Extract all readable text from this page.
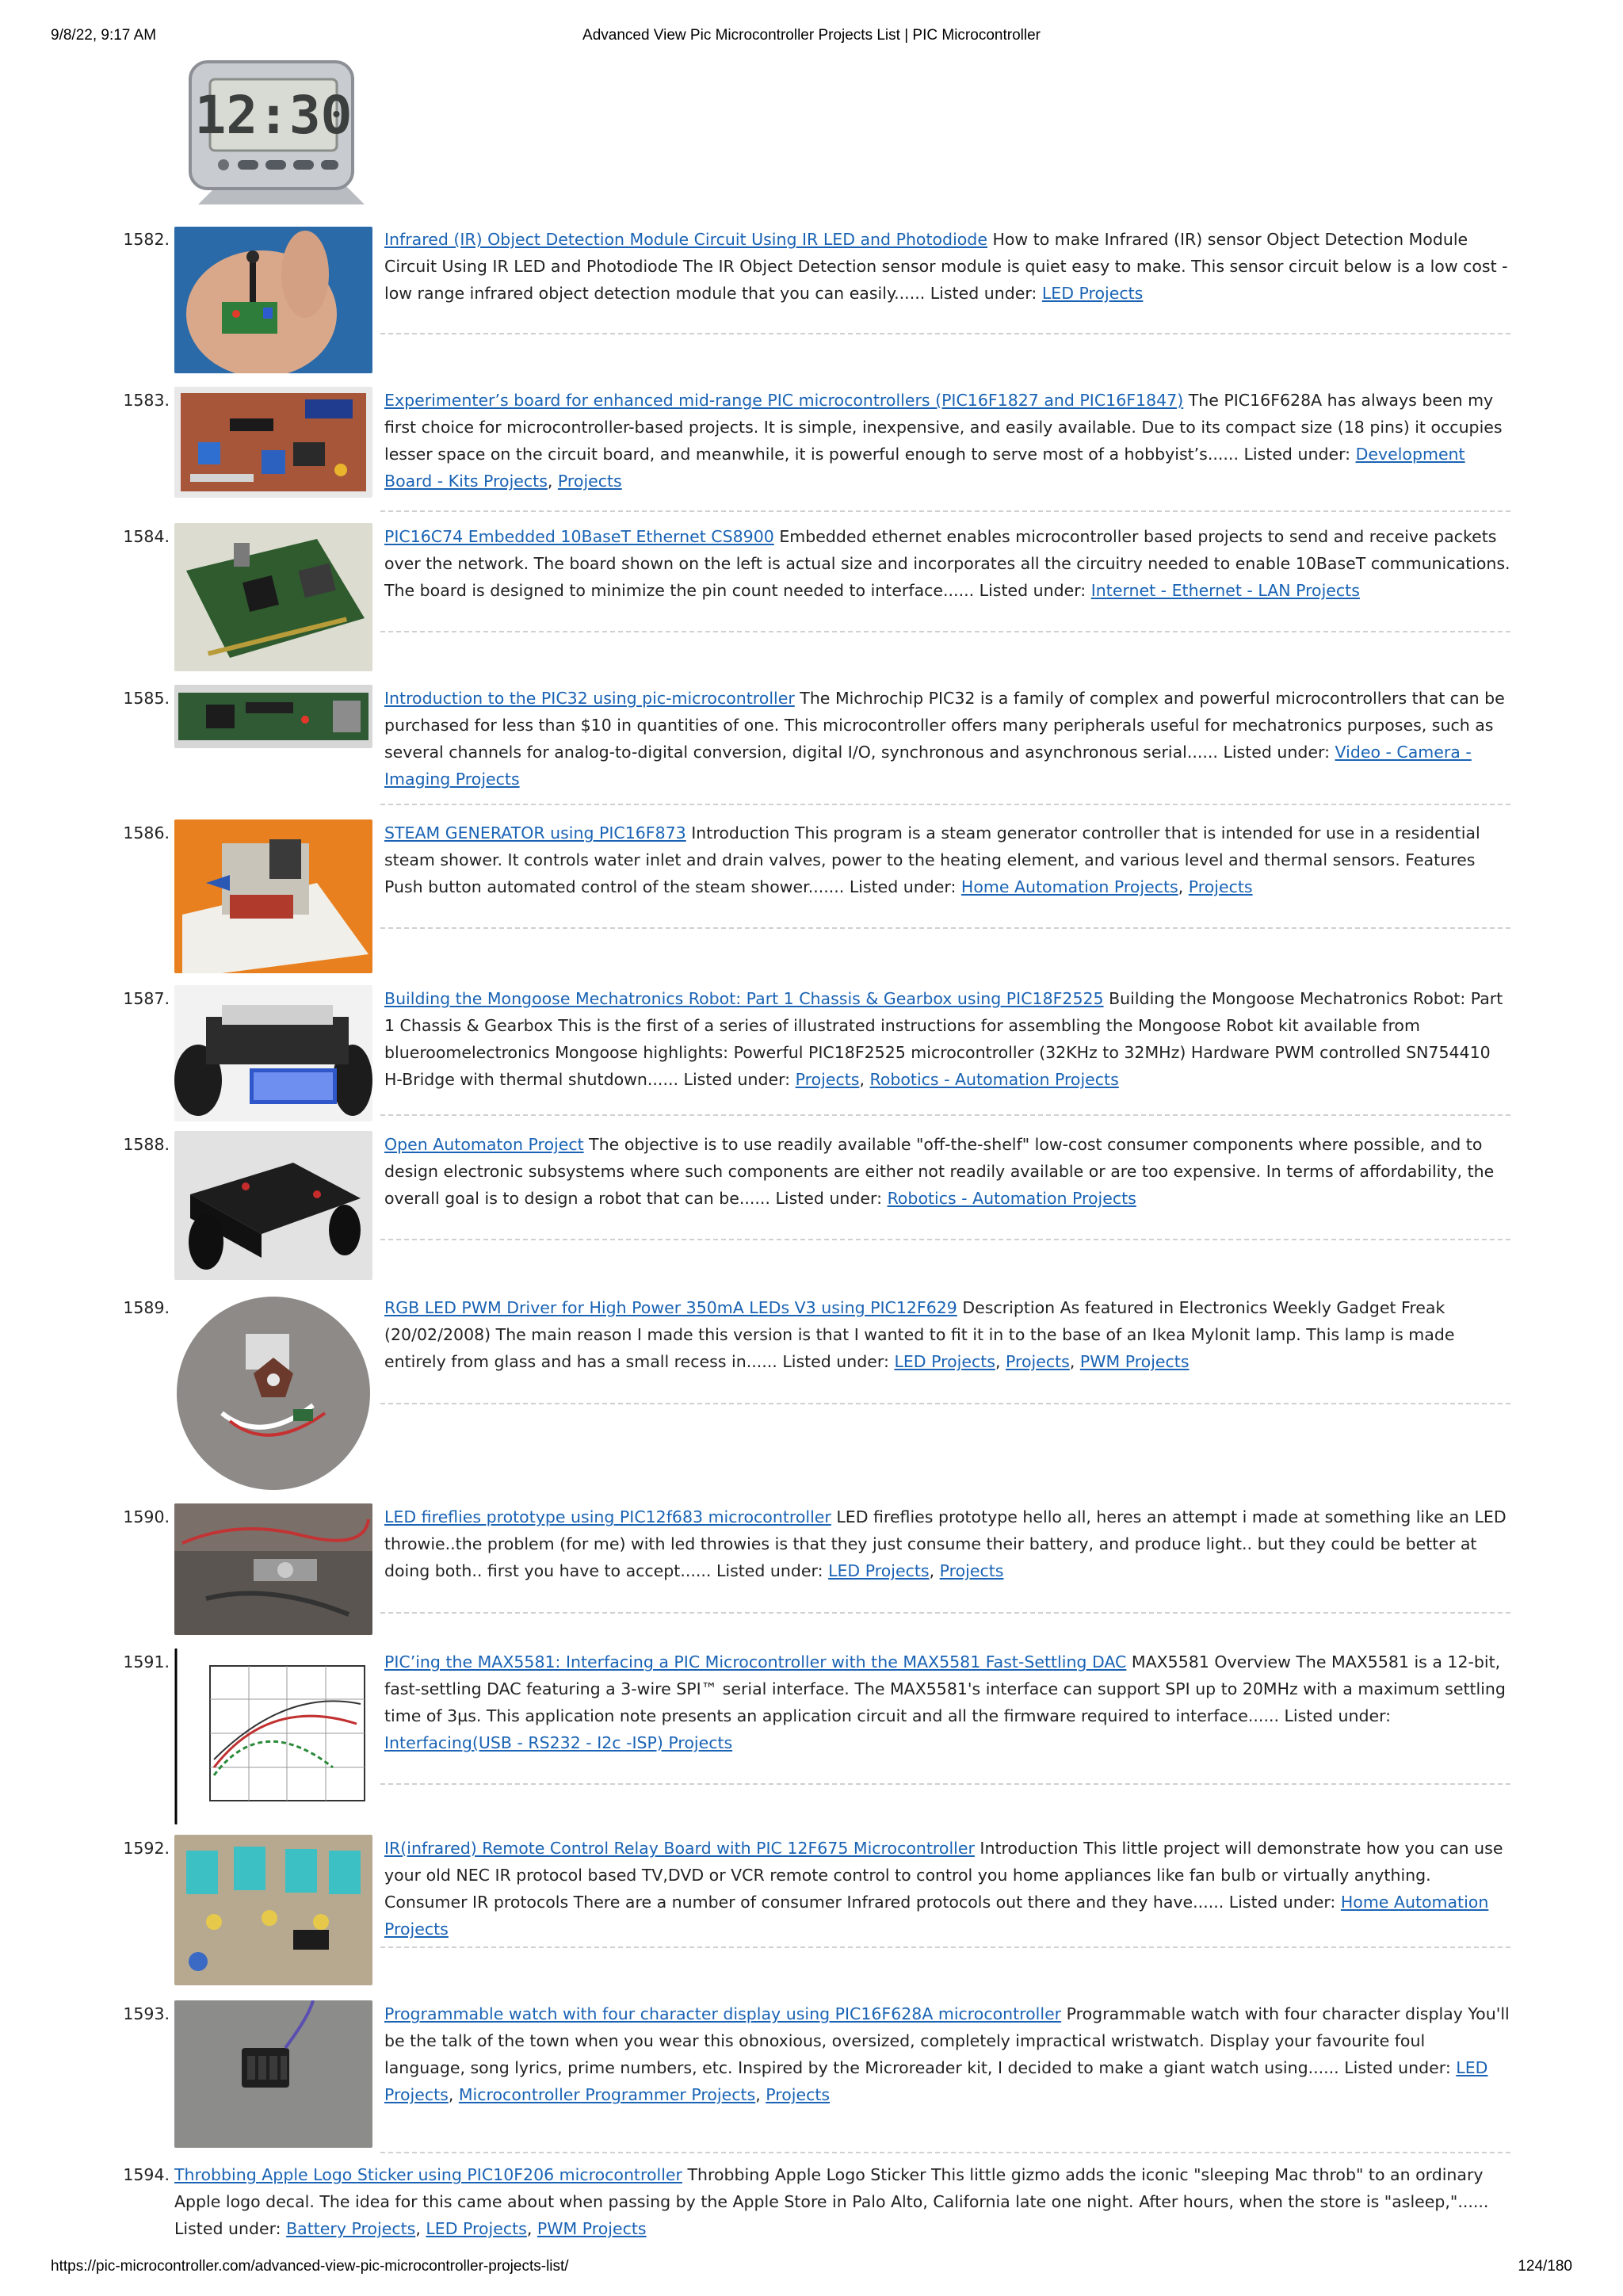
9/8/22, 9:17 AM	Advanced View Pic Microcontroller Projects List | PIC Microcontroller
12:30
1582.	Infrared (IR) Object Detection Module Circuit Using IR LED and Photodiode How to make Infrared (IR) sensor Object Detection Module Circuit Using IR LED and Photodiode The IR Object Detection sensor module is quiet easy to make. This sensor circuit below is a low cost - low range infrared object detection module that you can easily...... Listed under: LED Projects
1583.	Experimenter’s board for enhanced mid-range PIC microcontrollers (PIC16F1827 and PIC16F1847) The PIC16F628A has always been my first choice for microcontroller-based projects. It is simple, inexpensive, and easily available. Due to its compact size (18 pins) it occupies lesser space on the circuit board, and meanwhile, it is powerful enough to serve most of a hobbyist’s...... Listed under: Development Board - Kits Projects, Projects
1584.	PIC16C74 Embedded 10BaseT Ethernet CS8900 Embedded ethernet enables microcontroller based projects to send and receive packets over the network. The board shown on the left is actual size and incorporates all the circuitry needed to enable 10BaseT communications. The board is designed to minimize the pin count needed to interface...... Listed under: Internet - Ethernet - LAN Projects
1585.	Introduction to the PIC32 using pic-microcontroller The Michrochip PIC32 is a family of complex and powerful microcontrollers that can be purchased for less than $10 in quantities of one. This microcontroller offers many peripherals useful for mechatronics purposes, such as several channels for analog-to-digital conversion, digital I/O, synchronous and asynchronous serial...... Listed under: Video - Camera - Imaging Projects
1586.	STEAM GENERATOR using PIC16F873 Introduction This program is a steam generator controller that is intended for use in a residential steam shower. It controls water inlet and drain valves, power to the heating element, and various level and thermal sensors. Features Push button automated control of the steam shower....... Listed under: Home Automation Projects, Projects
1587.	Building the Mongoose Mechatronics Robot: Part 1 Chassis & Gearbox using PIC18F2525 Building the Mongoose Mechatronics Robot: Part 1 Chassis & Gearbox This is the first of a series of illustrated instructions for assembling the Mongoose Robot kit available from blueroomelectronics Mongoose highlights: Powerful PIC18F2525 microcontroller (32KHz to 32MHz) Hardware PWM controlled SN754410 H-Bridge with thermal shutdown...... Listed under: Projects, Robotics - Automation Projects
1588.	Open Automaton Project The objective is to use readily available "off-the-shelf" low-cost consumer components where possible, and to design electronic subsystems where such components are either not readily available or are too expensive. In terms of affordability, the overall goal is to design a robot that can be...... Listed under: Robotics - Automation Projects
1589.	RGB LED PWM Driver for High Power 350mA LEDs V3 using PIC12F629 Description As featured in Electronics Weekly Gadget Freak (20/02/2008) The main reason I made this version is that I wanted to fit it in to the base of an Ikea Mylonit lamp. This lamp is made entirely from glass and has a small recess in...... Listed under: LED Projects, Projects, PWM Projects
1590.	LED fireflies prototype using PIC12f683 microcontroller LED fireflies prototype hello all, heres an attempt i made at something like an LED throwie..the problem (for me) with led throwies is that they just consume their battery, and produce light.. but they could be better at doing both.. first you have to accept...... Listed under: LED Projects, Projects
1591.	PIC’ing the MAX5581: Interfacing a PIC Microcontroller with the MAX5581 Fast-Settling DAC MAX5581 Overview The MAX5581 is a 12-bit, fast-settling DAC featuring a 3-wire SPI™ serial interface. The MAX5581's interface can support SPI up to 20MHz with a maximum settling time of 3µs. This application note presents an application circuit and all the firmware required to interface...... Listed under: Interfacing(USB - RS232 - I2c -ISP) Projects
1592.	IR(infrared) Remote Control Relay Board with PIC 12F675 Microcontroller Introduction This little project will demonstrate how you can use your old NEC IR protocol based TV,DVD or VCR remote control to control you home appliances like fan bulb or virtually anything. Consumer IR protocols There are a number of consumer Infrared protocols out there and they have...... Listed under: Home Automation Projects
1593.	Programmable watch with four character display using PIC16F628A microcontroller Programmable watch with four character display You'll be the talk of the town when you wear this obnoxious, oversized, completely impractical wristwatch. Display your favourite foul language, song lyrics, prime numbers, etc. Inspired by the Microreader kit, I decided to make a giant watch using...... Listed under: LED Projects, Microcontroller Programmer Projects, Projects
1594. Throbbing Apple Logo Sticker using PIC10F206 microcontroller Throbbing Apple Logo Sticker This little gizmo adds the iconic "sleeping Mac throb" to an ordinary Apple logo decal. The idea for this came about when passing by the Apple Store in Palo Alto, California late one night. After hours, when the store is "asleep,"...... Listed under: Battery Projects, LED Projects, PWM Projects
https://pic-microcontroller.com/advanced-view-pic-microcontroller-projects-list/	124/180
